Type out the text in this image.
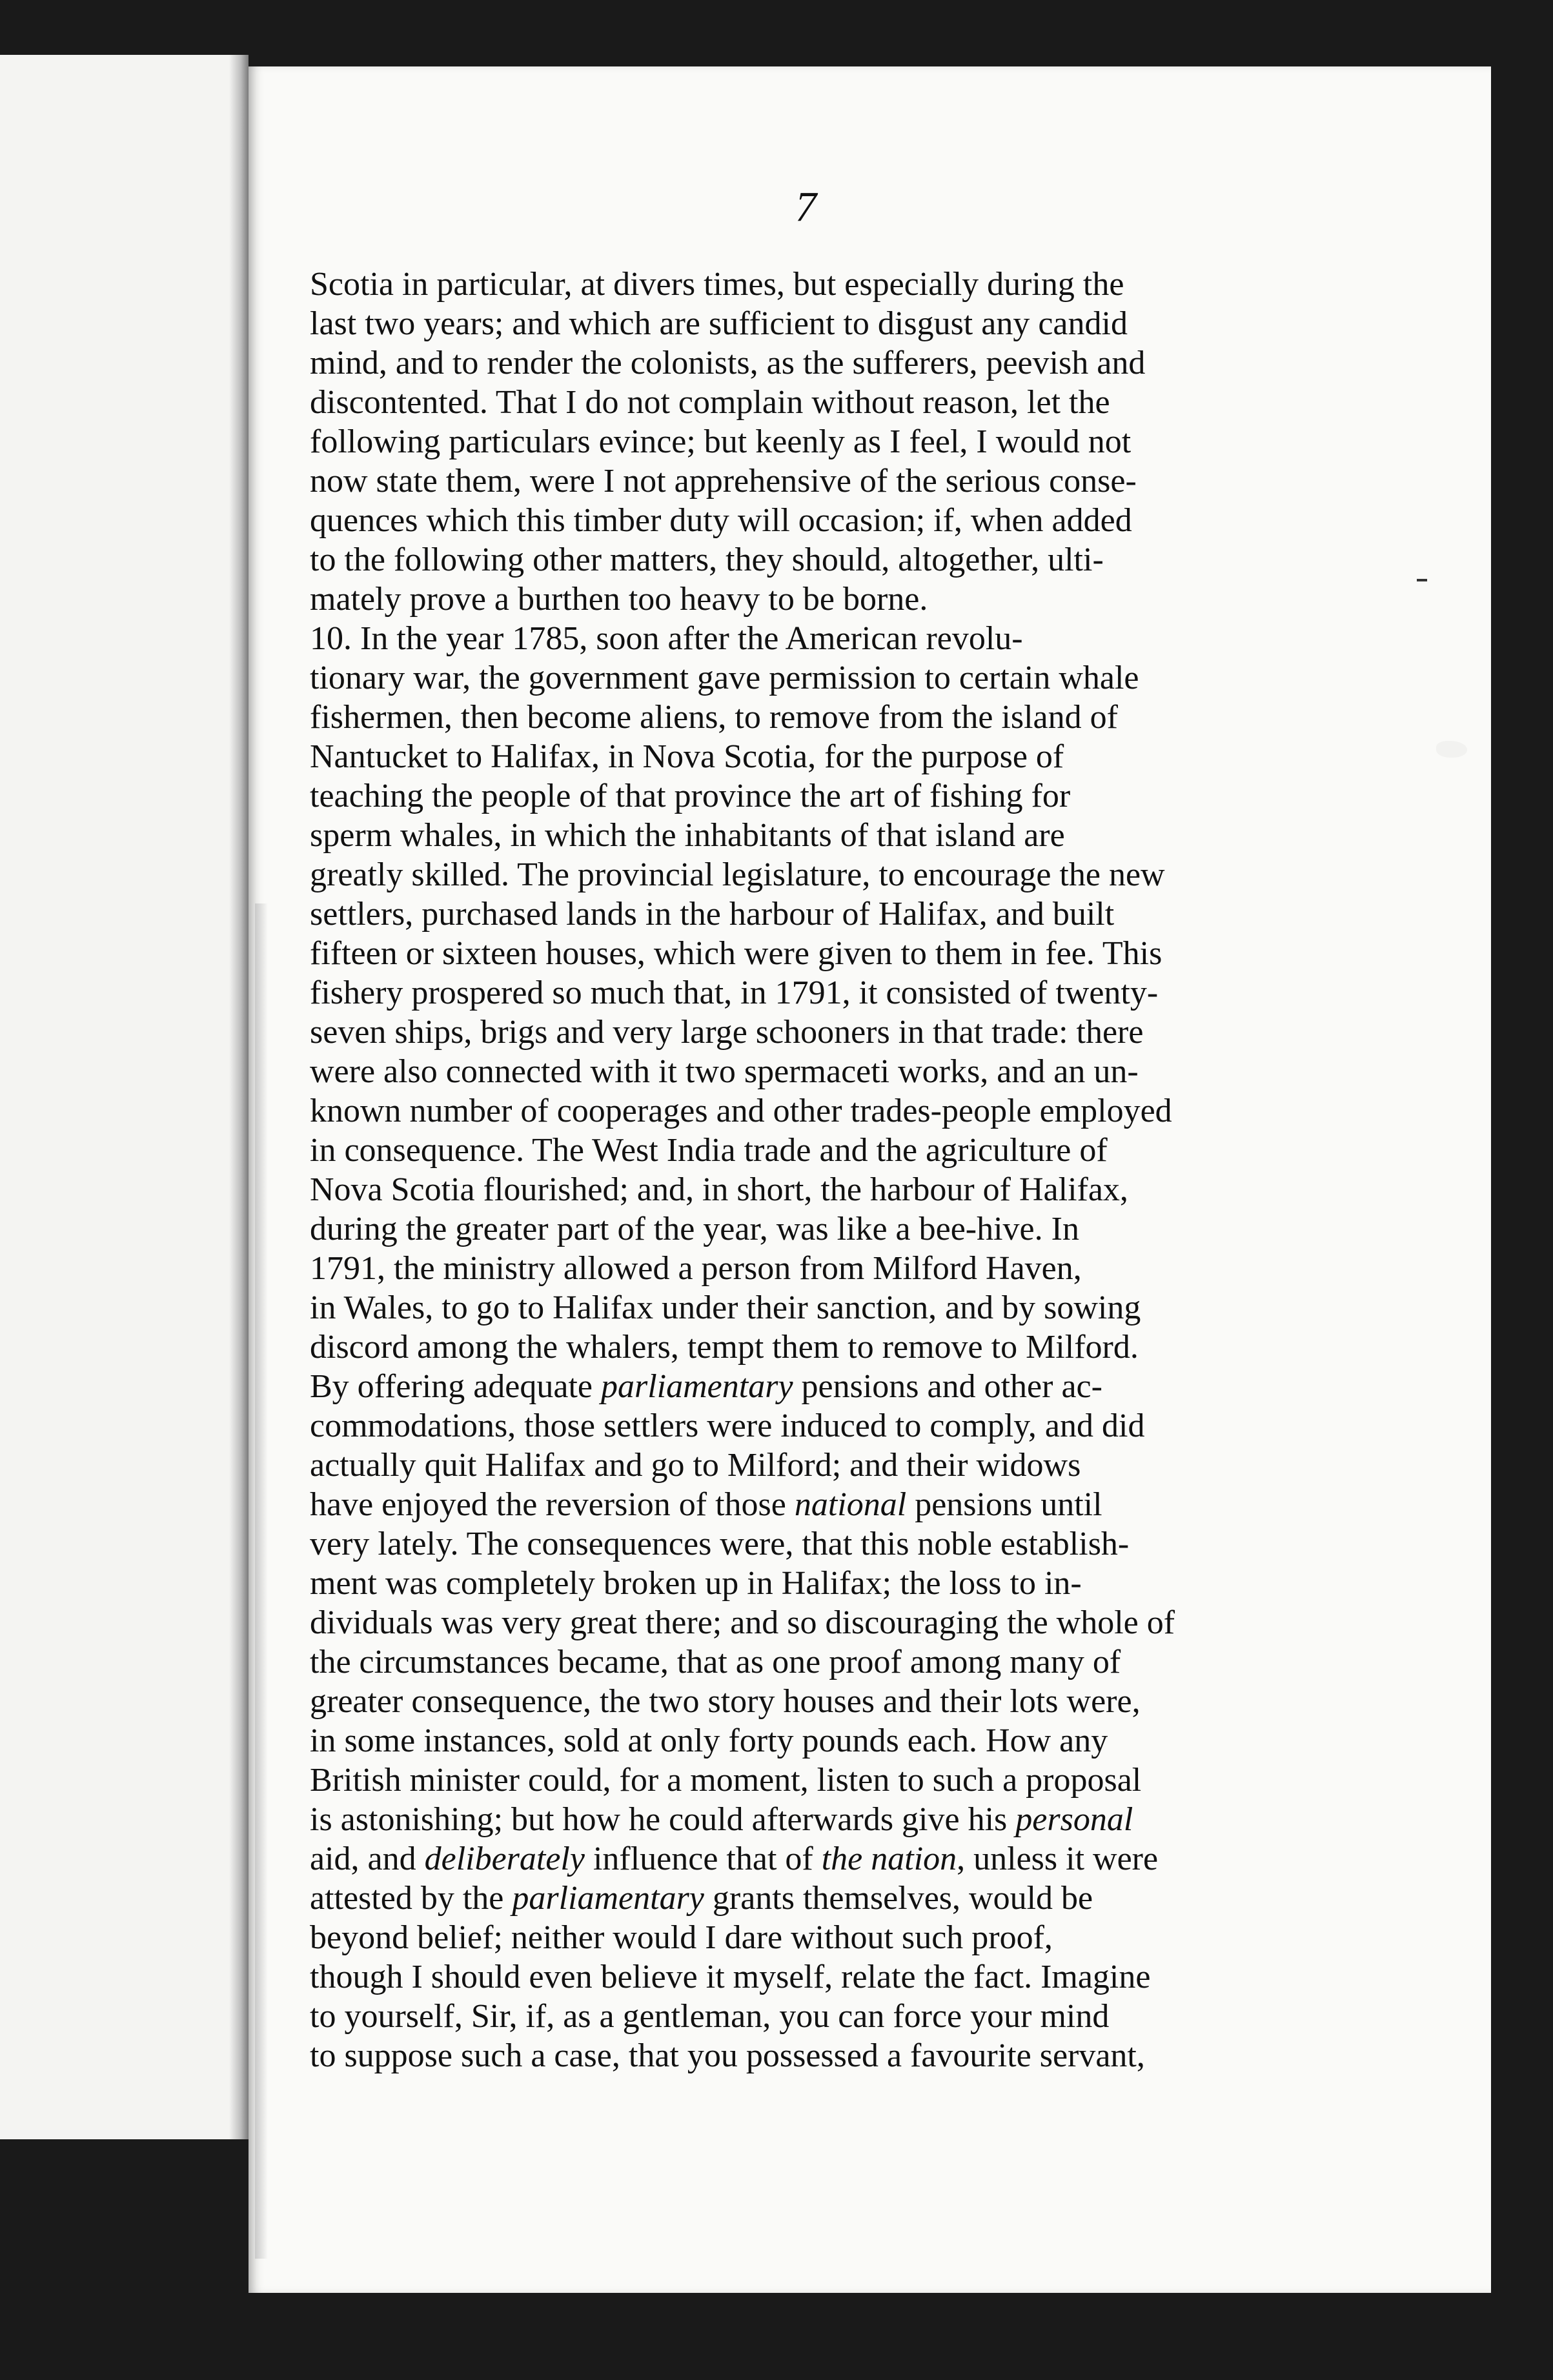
7

Scotia in particular, at divers times, but especially during the
last two years; and which are sufficient to disgust any candid
mind, and to render the colonists, as the sufferers, peevish and
discontented. That I do not complain without reason, let the
following particulars evince; but keenly as I feel, I would not
now state them, were I not apprehensive of the serious conse-
quences which this timber duty will occasion; if, when added
to the following other matters, they should, altogether, ulti-
mately prove a burthen too heavy to be borne.
10. In the year 1785, soon after the American revolu-
tionary war, the government gave permission to certain whale
fishermen, then become aliens, to remove from the island of
Nantucket to Halifax, in Nova Scotia, for the purpose of
teaching the people of that province the art of fishing for
sperm whales, in which the inhabitants of that island are
greatly skilled. The provincial legislature, to encourage the new
settlers, purchased lands in the harbour of Halifax, and built
fifteen or sixteen houses, which were given to them in fee. This
fishery prospered so much that, in 1791, it consisted of twenty-
seven ships, brigs and very large schooners in that trade: there
were also connected with it two spermaceti works, and an un-
known number of cooperages and other trades-people employed
in consequence. The West India trade and the agriculture of
Nova Scotia flourished; and, in short, the harbour of Halifax,
during the greater part of the year, was like a bee-hive. In
1791, the ministry allowed a person from Milford Haven,
in Wales, to go to Halifax under their sanction, and by sowing
discord among the whalers, tempt them to remove to Milford.
By offering adequate parliamentary pensions and other ac-
commodations, those settlers were induced to comply, and did
actually quit Halifax and go to Milford; and their widows
have enjoyed the reversion of those national pensions until
very lately. The consequences were, that this noble establish-
ment was completely broken up in Halifax; the loss to in-
dividuals was very great there; and so discouraging the whole of
the circumstances became, that as one proof among many of
greater consequence, the two story houses and their lots were,
in some instances, sold at only forty pounds each. How any
British minister could, for a moment, listen to such a proposal
is astonishing; but how he could afterwards give his personal
aid, and deliberately influence that of the nation, unless it were
attested by the parliamentary grants themselves, would be
beyond belief; neither would I dare without such proof,
though I should even believe it myself, relate the fact. Imagine
to yourself, Sir, if, as a gentleman, you can force your mind
to suppose such a case, that you possessed a favourite servant,
